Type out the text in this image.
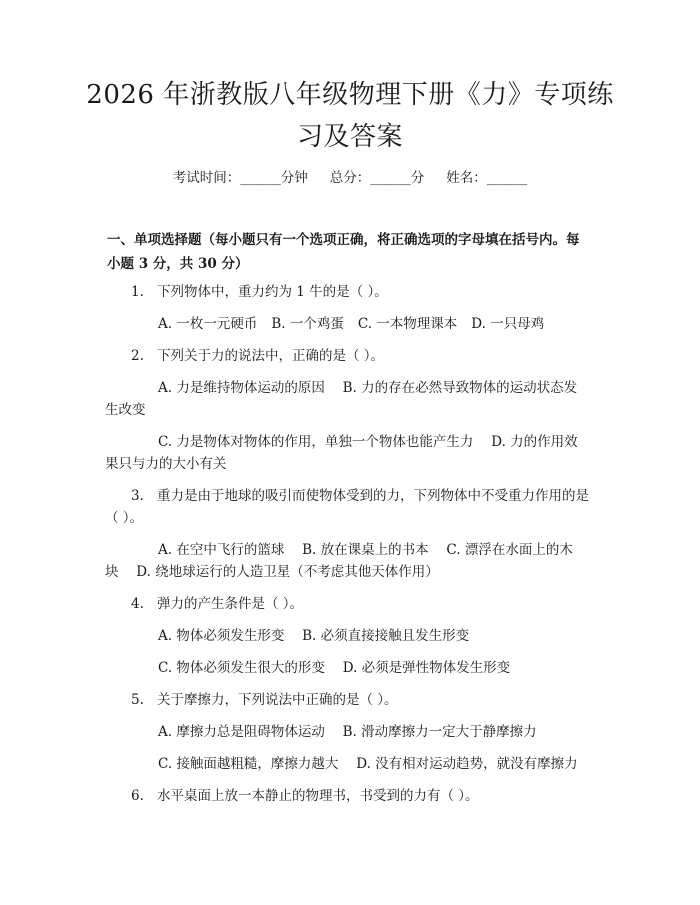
2026 年浙教版八年级物理下册《力》专项练
习及答案
考试时间：______分钟 总分：______分 姓名：______
一、单项选择题（每小题只有一个选项正确，将正确选项的字母填在括号内。每
小题 3 分，共 30 分）
1. 下列物体中，重力约为 1 牛的是（ ）。
A. 一枚一元硬币 B. 一个鸡蛋 C. 一本物理课本 D. 一只母鸡
2. 下列关于力的说法中，正确的是（ ）。
A. 力是维持物体运动的原因　 B. 力的存在必然导致物体的运动状态发
生改变
C. 力是物体对物体的作用，单独一个物体也能产生力　 D. 力的作用效
果只与力的大小有关
3. 重力是由于地球的吸引而使物体受到的力，下列物体中不受重力作用的是
（ ）。
A. 在空中飞行的篮球　 B. 放在课桌上的书本　 C. 漂浮在水面上的木
块　 D. 绕地球运行的人造卫星（不考虑其他天体作用）
4. 弹力的产生条件是（ ）。
A. 物体必须发生形变　 B. 必须直接接触且发生形变
C. 物体必须发生很大的形变　 D. 必须是弹性物体发生形变
5. 关于摩擦力，下列说法中正确的是（ ）。
A. 摩擦力总是阻碍物体运动　 B. 滑动摩擦力一定大于静摩擦力
C. 接触面越粗糙，摩擦力越大　 D. 没有相对运动趋势，就没有摩擦力
6. 水平桌面上放一本静止的物理书，书受到的力有（ ）。
